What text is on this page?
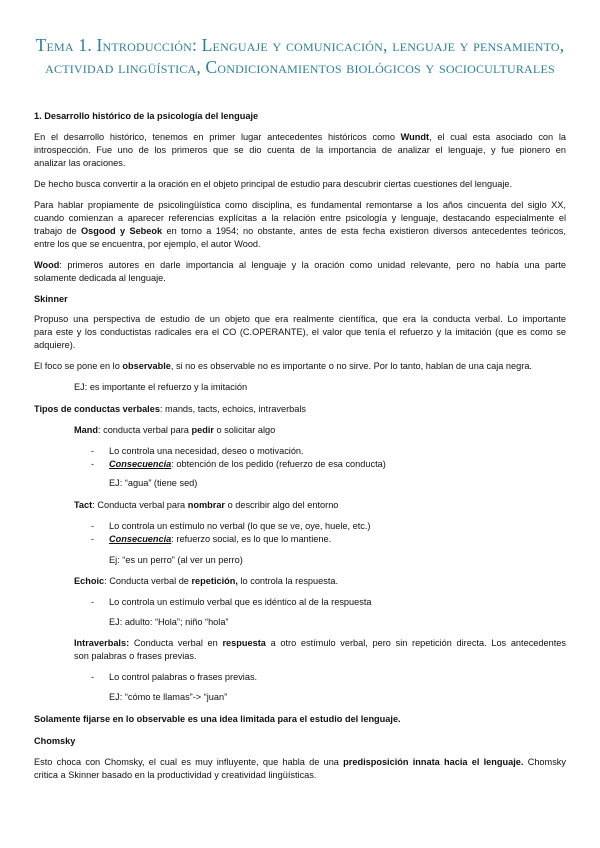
Tema 1. Introducción: Lenguaje y comunicación, lenguaje y pensamiento, actividad lingüística, Condicionamientos biológicos y socioculturales
1. Desarrollo histórico de la psicología del lenguaje
En el desarrollo histórico, tenemos en primer lugar antecedentes históricos como Wundt, el cual esta asociado con la
introspección. Fue uno de los primeros que se dio cuenta de la importancia de analizar el lenguaje, y fue pionero en
analizar las oraciones.
De hecho busca convertir a la oración en el objeto principal de estudio para descubrir ciertas cuestiones del lenguaje.
Para hablar propiamente de psicolingüística como disciplina, es fundamental remontarse a los años cincuenta del siglo XX,
cuando comienzan a aparecer referencias explícitas a la relación entre psicología y lenguaje, destacando especialmente el
trabajo de Osgood y Sebeok en torno a 1954; no obstante, antes de esta fecha existieron diversos antecedentes teóricos,
entre los que se encuentra, por ejemplo, el autor Wood.
Wood: primeros autores en darle importancia al lenguaje y la oración como unidad relevante, pero no había una parte
solamente dedicada al lenguaje.
Skinner
Propuso una perspectiva de estudio de un objeto que era realmente científica, que era la conducta verbal. Lo importante
para este y los conductistas radicales era el CO (C.OPERANTE), el valor que tenía el refuerzo y la imitación (que es como se
adquiere).
El foco se pone en lo observable, si no es observable no es importante o no sirve. Por lo tanto, hablan de una caja negra.
EJ: es importante el refuerzo y la imitación
Tipos de conductas verbales: mands, tacts, echoics, intraverbals
Mand: conducta verbal para pedir o solicitar algo
- Lo controla una necesidad, deseo o motivación.
- Consecuencia: obtención de los pedido (refuerzo de esa conducta)
EJ: “agua” (tiene sed)
Tact: Conducta verbal para nombrar o describir algo del entorno
- Lo controla un estímulo no verbal (lo que se ve, oye, huele, etc.)
- Consecuencia: refuerzo social, es lo que lo mantiene.
Ej: “es un perro” (al ver un perro)
Echoic: Conducta verbal de repetición, lo controla la respuesta.
- Lo controla un estímulo verbal que es idéntico al de la respuesta
EJ: adulto: “Hola”; niño “hola”
Intraverbals: Conducta verbal en respuesta a otro estímulo verbal, pero sin repetición directa. Los antecedentes
son palabras o frases previas.
- Lo control palabras o frases previas.
EJ: “cómo te llamas”-> “juan”
Solamente fijarse en lo observable es una idea limitada para el estudio del lenguaje.
Chomsky
Esto choca con Chomsky, el cual es muy influyente, que habla de una predisposición innata hacia el lenguaje. Chomsky
critica a Skinner basado en la productividad y creatividad lingüísticas.
